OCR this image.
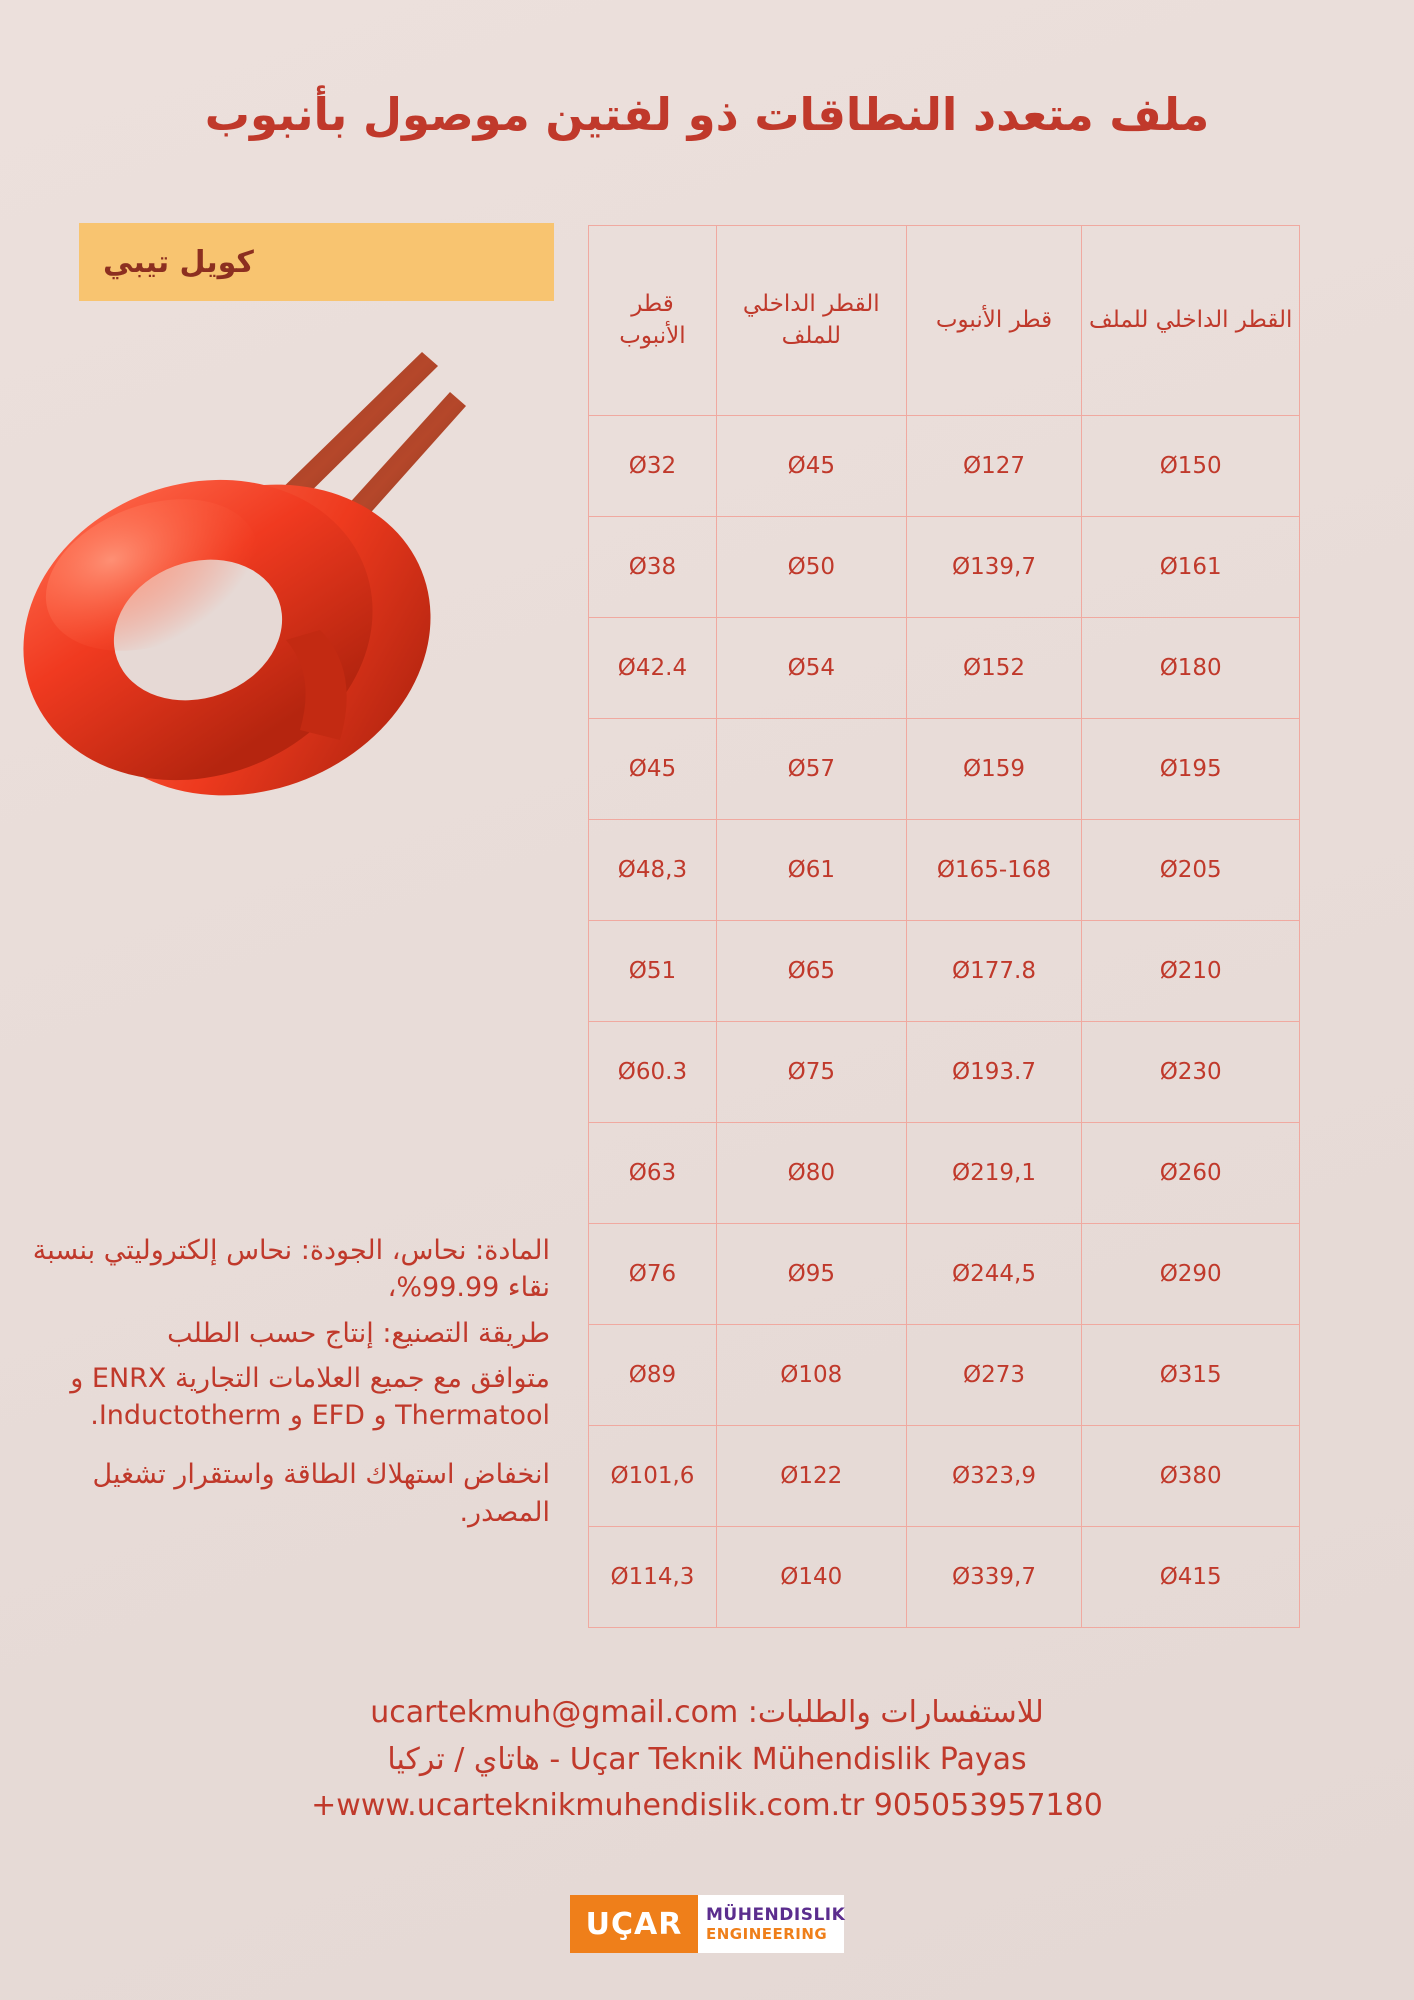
ملف متعدد النطاقات ذو لفتين موصول بأنبوب
كويل تيبي
القطر الداخلي للملف	قطر الأنبوب	القطر الداخلي للملف	قطر الأنبوب
Ø150	Ø127	Ø45	Ø32
Ø161	Ø139,7	Ø50	Ø38
Ø180	Ø152	Ø54	Ø42.4
Ø195	Ø159	Ø57	Ø45
Ø205	Ø165-168	Ø61	Ø48,3
Ø210	Ø177.8	Ø65	Ø51
Ø230	Ø193.7	Ø75	Ø60.3
Ø260	Ø219,1	Ø80	Ø63
Ø290	Ø244,5	Ø95	Ø76
Ø315	Ø273	Ø108	Ø89
Ø380	Ø323,9	Ø122	Ø101,6
Ø415	Ø339,7	Ø140	Ø114,3

المادة: نحاس، الجودة: نحاس إلكتروليتي بنسبة نقاء 99.99%،

طريقة التصنيع: إنتاج حسب الطلب

متوافق مع جميع العلامات التجارية ENRX و Thermatool و EFD و Inductotherm.

انخفاض استهلاك الطاقة واستقرار تشغيل المصدر.

للاستفسارات والطلبات: ucartekmuh@gmail.com
Uçar Teknik Mühendislik Payas - هاتاي / تركيا
www.ucarteknikmuhendislik.com.tr 905053957180+
UÇAR MÜHENDISLIK
ENGINEERING
